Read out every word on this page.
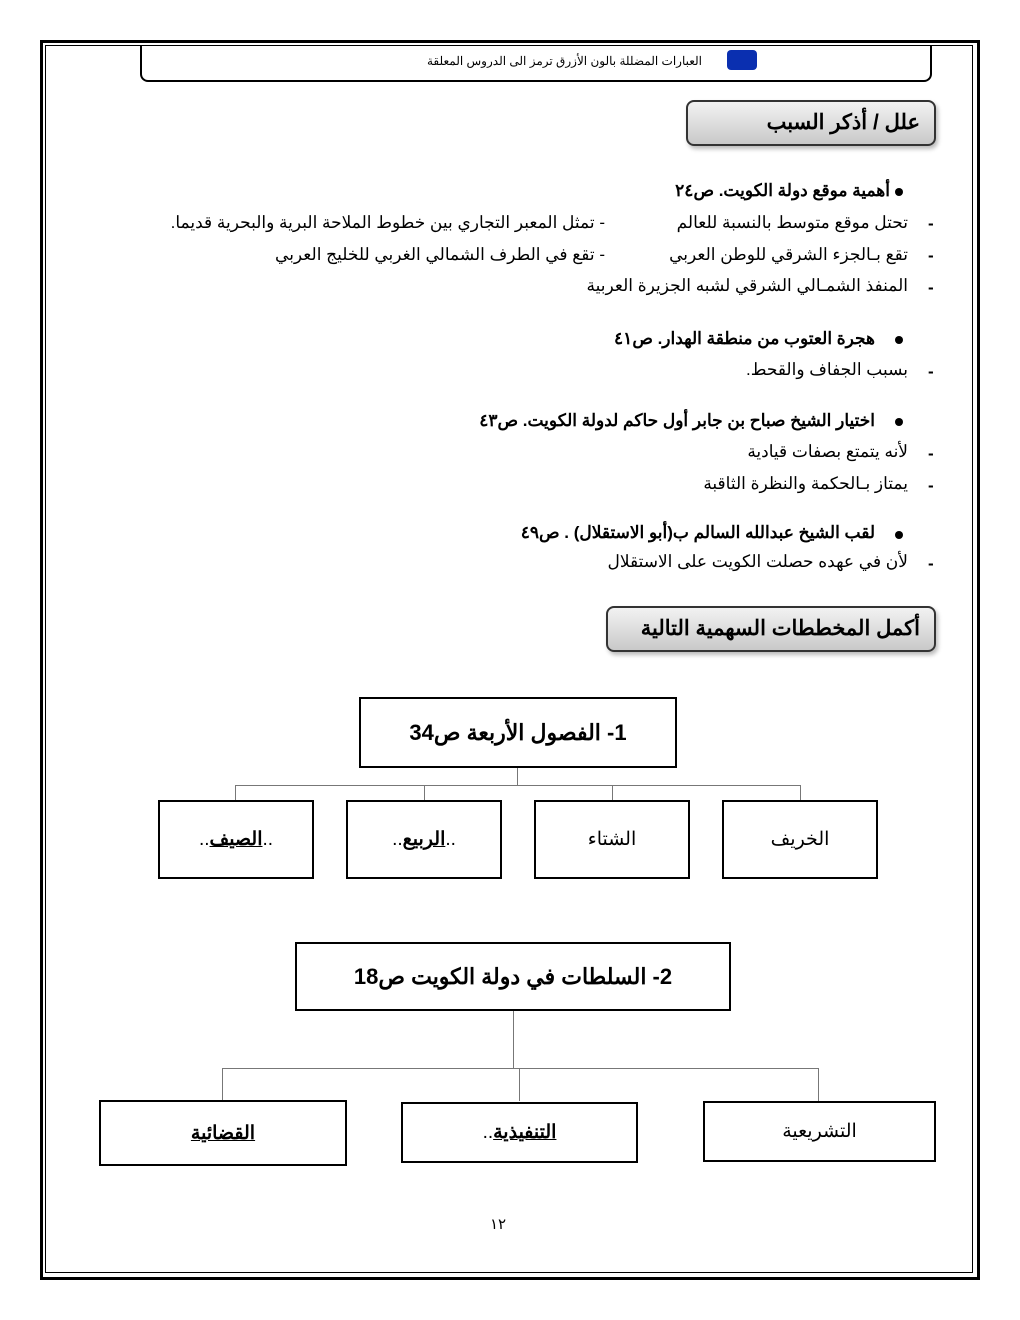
العبارات المضللة بالون الأزرق ترمز الى الدروس المعلقة
علل / أذكر السبب
أهمية موقع دولة الكويت. ص٢٤
-
تحتل موقع متوسط بالنسبة للعالم
- تمثل المعبر التجاري بين خطوط الملاحة البرية والبحرية قديما.
-
تقع بـالجزء الشرقي للوطن العربي
- تقع في الطرف الشمالي الغربي للخليج العربي
-
المنفذ الشمـالي الشرقي لشبه الجزيرة العربية
هجرة العتوب من منطقة الهدار. ص٤١
-
بسبب الجفاف والقحط.
اختيار الشيخ صباح بن جابر أول حاكم لدولة الكويت. ص٤٣
-
لأنه يتمتع بصفات قيادية
-
يمتاز بـالحكمة والنظرة الثاقبة
لقب الشيخ عبدالله السالم ب(أبو الاستقلال) . ص٤٩
-
لأن في عهده حصلت الكويت على الاستقلال
أكمل المخططات السهمية التالية
1- الفصول الأربعة ص34
الخريف
الشتاء
..
الربيع
..
..
الصيف
..
2- السلطات في دولة الكويت ص18
التشريعية
التنفيذية
..
القضائية
١٢
